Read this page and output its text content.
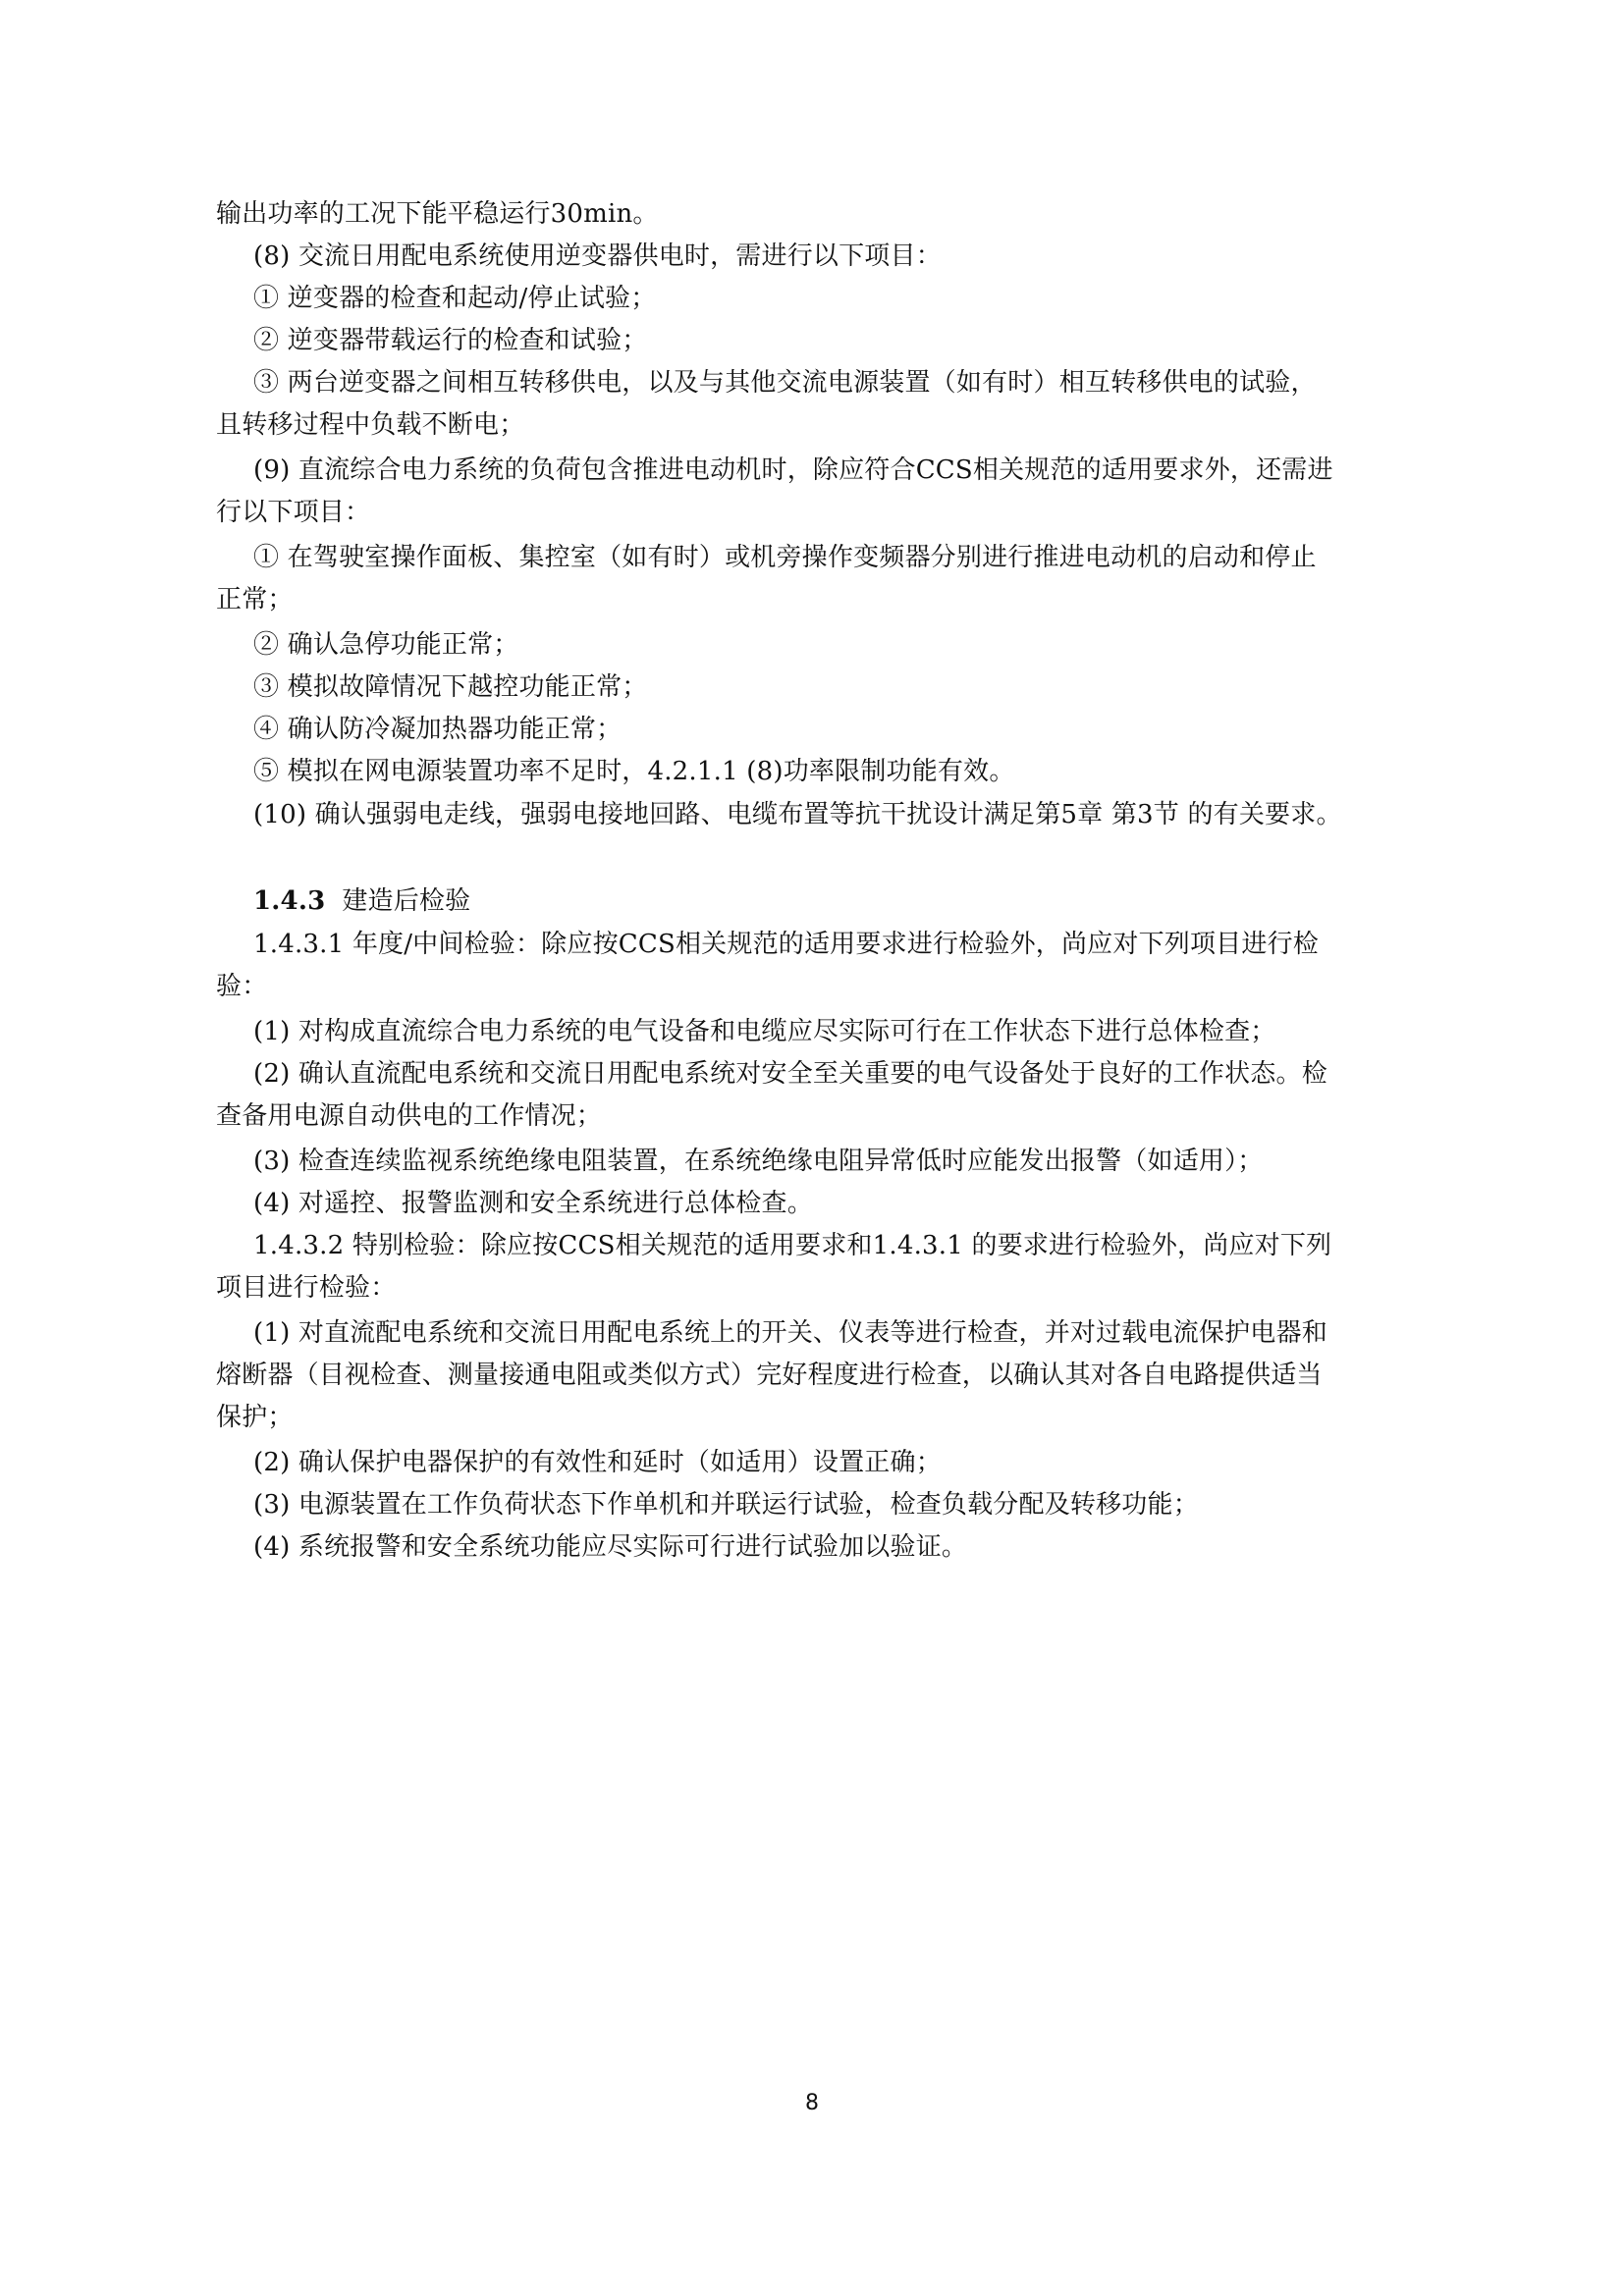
输出功率的工况下能平稳运行30min。
(8) 交流日用配电系统使用逆变器供电时，需进行以下项目：
① 逆变器的检查和起动/停止试验；
② 逆变器带载运行的检查和试验；
③ 两台逆变器之间相互转移供电，以及与其他交流电源装置（如有时）相互转移供电的试验，
且转移过程中负载不断电；
(9) 直流综合电力系统的负荷包含推进电动机时，除应符合CCS相关规范的适用要求外，还需进
行以下项目：
① 在驾驶室操作面板、集控室（如有时）或机旁操作变频器分别进行推进电动机的启动和停止
正常；
② 确认急停功能正常；
③ 模拟故障情况下越控功能正常；
④ 确认防冷凝加热器功能正常；
⑤ 模拟在网电源装置功率不足时，4.2.1.1 (8)功率限制功能有效。
(10) 确认强弱电走线，强弱电接地回路、电缆布置等抗干扰设计满足第5章 第3节 的有关要求。
1.4.3 建造后检验
1.4.3.1 年度/中间检验：除应按CCS相关规范的适用要求进行检验外，尚应对下列项目进行检
验：
(1) 对构成直流综合电力系统的电气设备和电缆应尽实际可行在工作状态下进行总体检查；
(2) 确认直流配电系统和交流日用配电系统对安全至关重要的电气设备处于良好的工作状态。检
查备用电源自动供电的工作情况；
(3) 检查连续监视系统绝缘电阻装置，在系统绝缘电阻异常低时应能发出报警（如适用）；
(4) 对遥控、报警监测和安全系统进行总体检查。
1.4.3.2 特别检验：除应按CCS相关规范的适用要求和1.4.3.1 的要求进行检验外，尚应对下列
项目进行检验：
(1) 对直流配电系统和交流日用配电系统上的开关、仪表等进行检查，并对过载电流保护电器和
熔断器（目视检查、测量接通电阻或类似方式）完好程度进行检查，以确认其对各自电路提供适当
保护；
(2) 确认保护电器保护的有效性和延时（如适用）设置正确；
(3) 电源装置在工作负荷状态下作单机和并联运行试验，检查负载分配及转移功能；
(4) 系统报警和安全系统功能应尽实际可行进行试验加以验证。
8
